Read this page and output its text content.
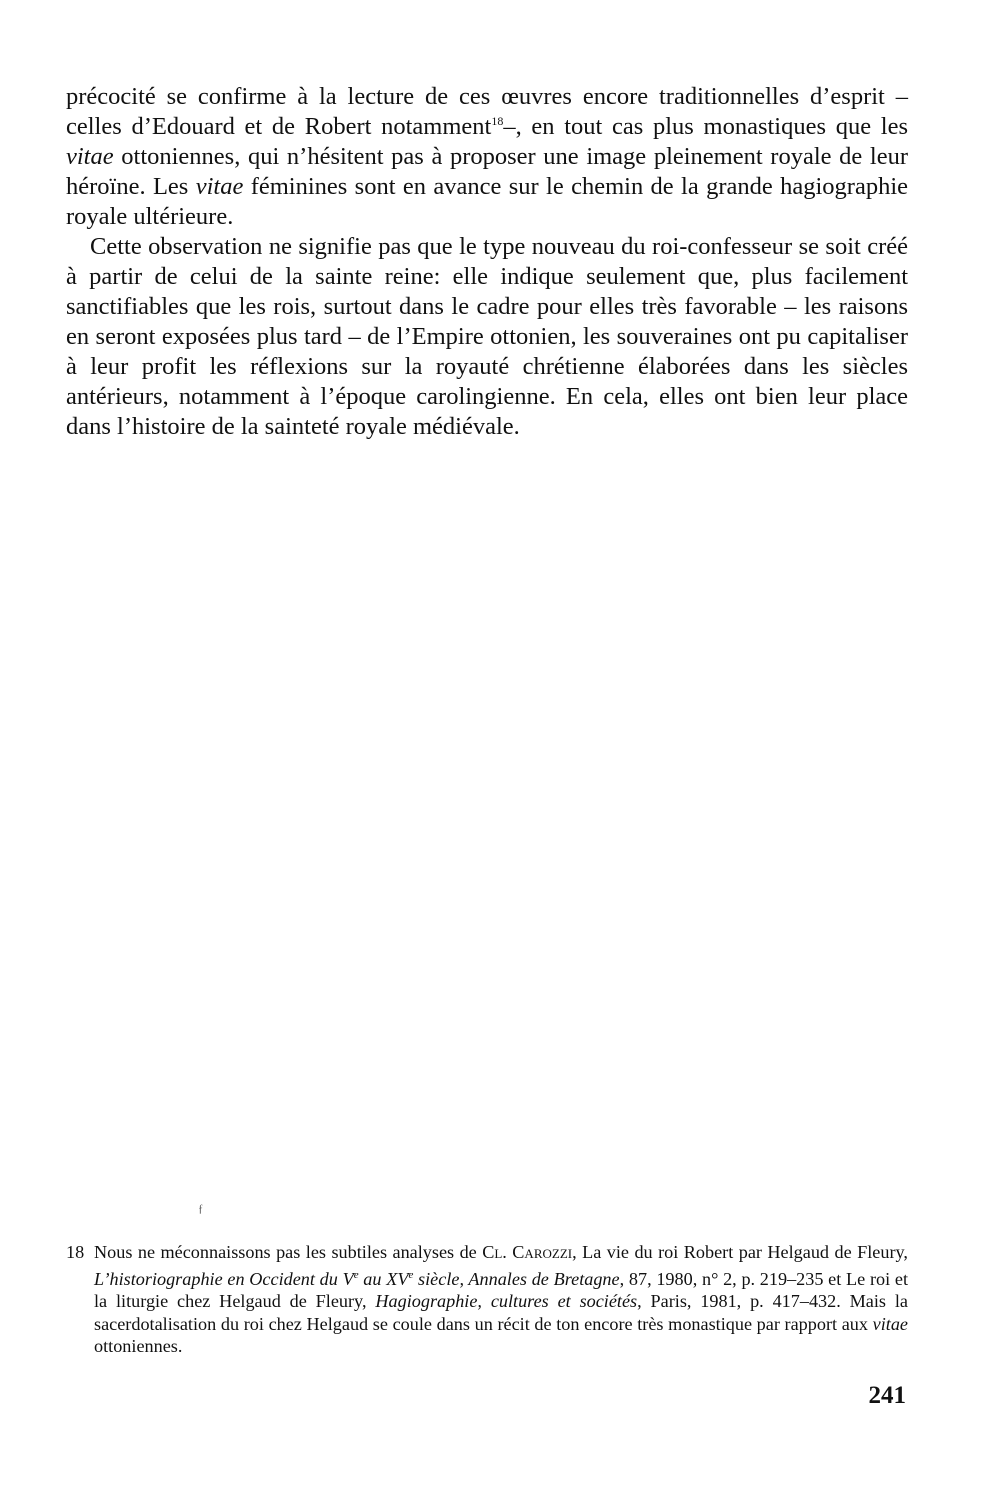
précocité se confirme à la lecture de ces œuvres encore traditionnelles d’esprit – celles d’Edouard et de Robert notamment$^{18}$–, en tout cas plus monastiques que les vitae ottoniennes, qui n’hésitent pas à proposer une image pleinement royale de leur héroïne. Les vitae féminines sont en avance sur le chemin de la grande hagiographie royale ultérieure.

Cette observation ne signifie pas que le type nouveau du roi-confesseur se soit créé à partir de celui de la sainte reine: elle indique seulement que, plus facilement sanctifiables que les rois, surtout dans le cadre pour elles très favorable – les raisons en seront exposées plus tard – de l’Empire ottonien, les souveraines ont pu capitaliser à leur profit les réflexions sur la royauté chrétienne élaborées dans les siècles antérieurs, notamment à l’époque carolingienne. En cela, elles ont bien leur place dans l’histoire de la sainteté royale médiévale.

ƒ
18 Nous ne méconnaissons pas les subtiles analyses de Cl. Carozzi, La vie du roi Robert par Helgaud de Fleury, L’historiographie en Occident du Ve au XVe siècle, Annales de Bretagne, 87, 1980, n° 2, p. 219–235 et Le roi et la liturgie chez Helgaud de Fleury, Hagiographie, cultures et sociétés, Paris, 1981, p. 417–432. Mais la sacerdotalisation du roi chez Helgaud se coule dans un récit de ton encore très monastique par rapport aux vitae ottoniennes.
241
